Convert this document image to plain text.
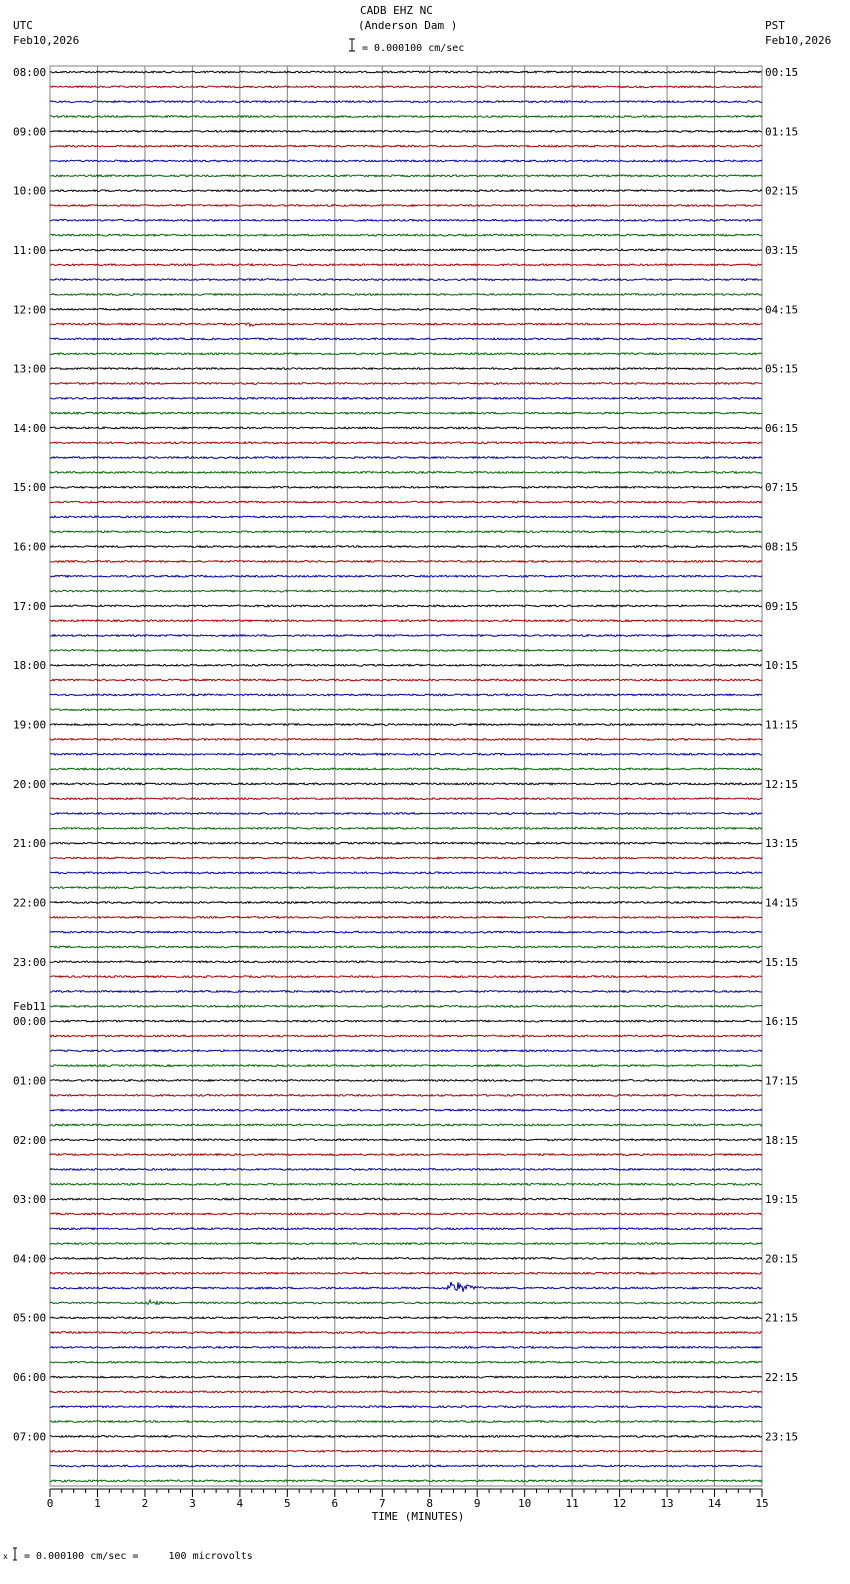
CADB EHZ NC
(Anderson Dam )
= 0.000100 cm/sec
UTC
Feb10,2026
PST
Feb10,2026
08:00	00:15
09:00	01:15
10:00	02:15
11:00	03:15
12:00	04:15
13:00	05:15
14:00	06:15
15:00	07:15
16:00	08:15
17:00	09:15
18:00	10:15
19:00	11:15
20:00	12:15
21:00	13:15
22:00	14:15
23:00	15:15
00:00	16:15
Feb11
01:00	17:15
02:00	18:15
03:00	19:15
04:00	20:15
05:00	21:15
06:00	22:15
07:00	23:15
0	1	2	3	4	5	6	7	8	9	10	11	12	13	14	15
TIME (MINUTES)
x = 0.000100 cm/sec =     100 microvolts
